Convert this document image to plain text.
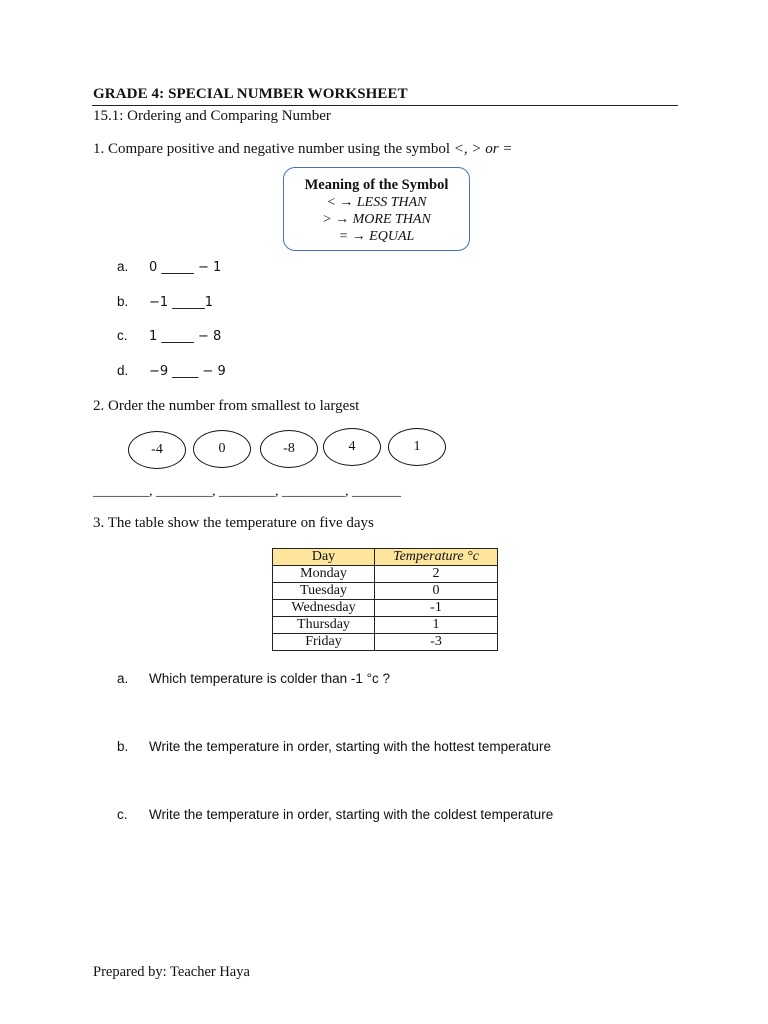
GRADE 4: SPECIAL NUMBER WORKSHEET
15.1: Ordering and Comparing Number
1. Compare positive and negative number using the symbol <, > or =
Meaning of the Symbol
< → LESS THAN
> → MORE THAN
= → EQUAL
a. 0 _____ − 1
b. −1 _____1
c. 1 _____ − 8
d. −9 ____ − 9
2. Order the number from smallest to largest
-4	0	-8	4	1
________, ________, ________, _________, _______
3. The table show the temperature on five days
Day	Temperature °c
Monday	2
Tuesday	0
Wednesday	-1
Thursday	1
Friday	-3
a. Which temperature is colder than -1 °c ?
b. Write the temperature in order, starting with the hottest temperature
c. Write the temperature in order, starting with the coldest temperature
Prepared by: Teacher Haya
